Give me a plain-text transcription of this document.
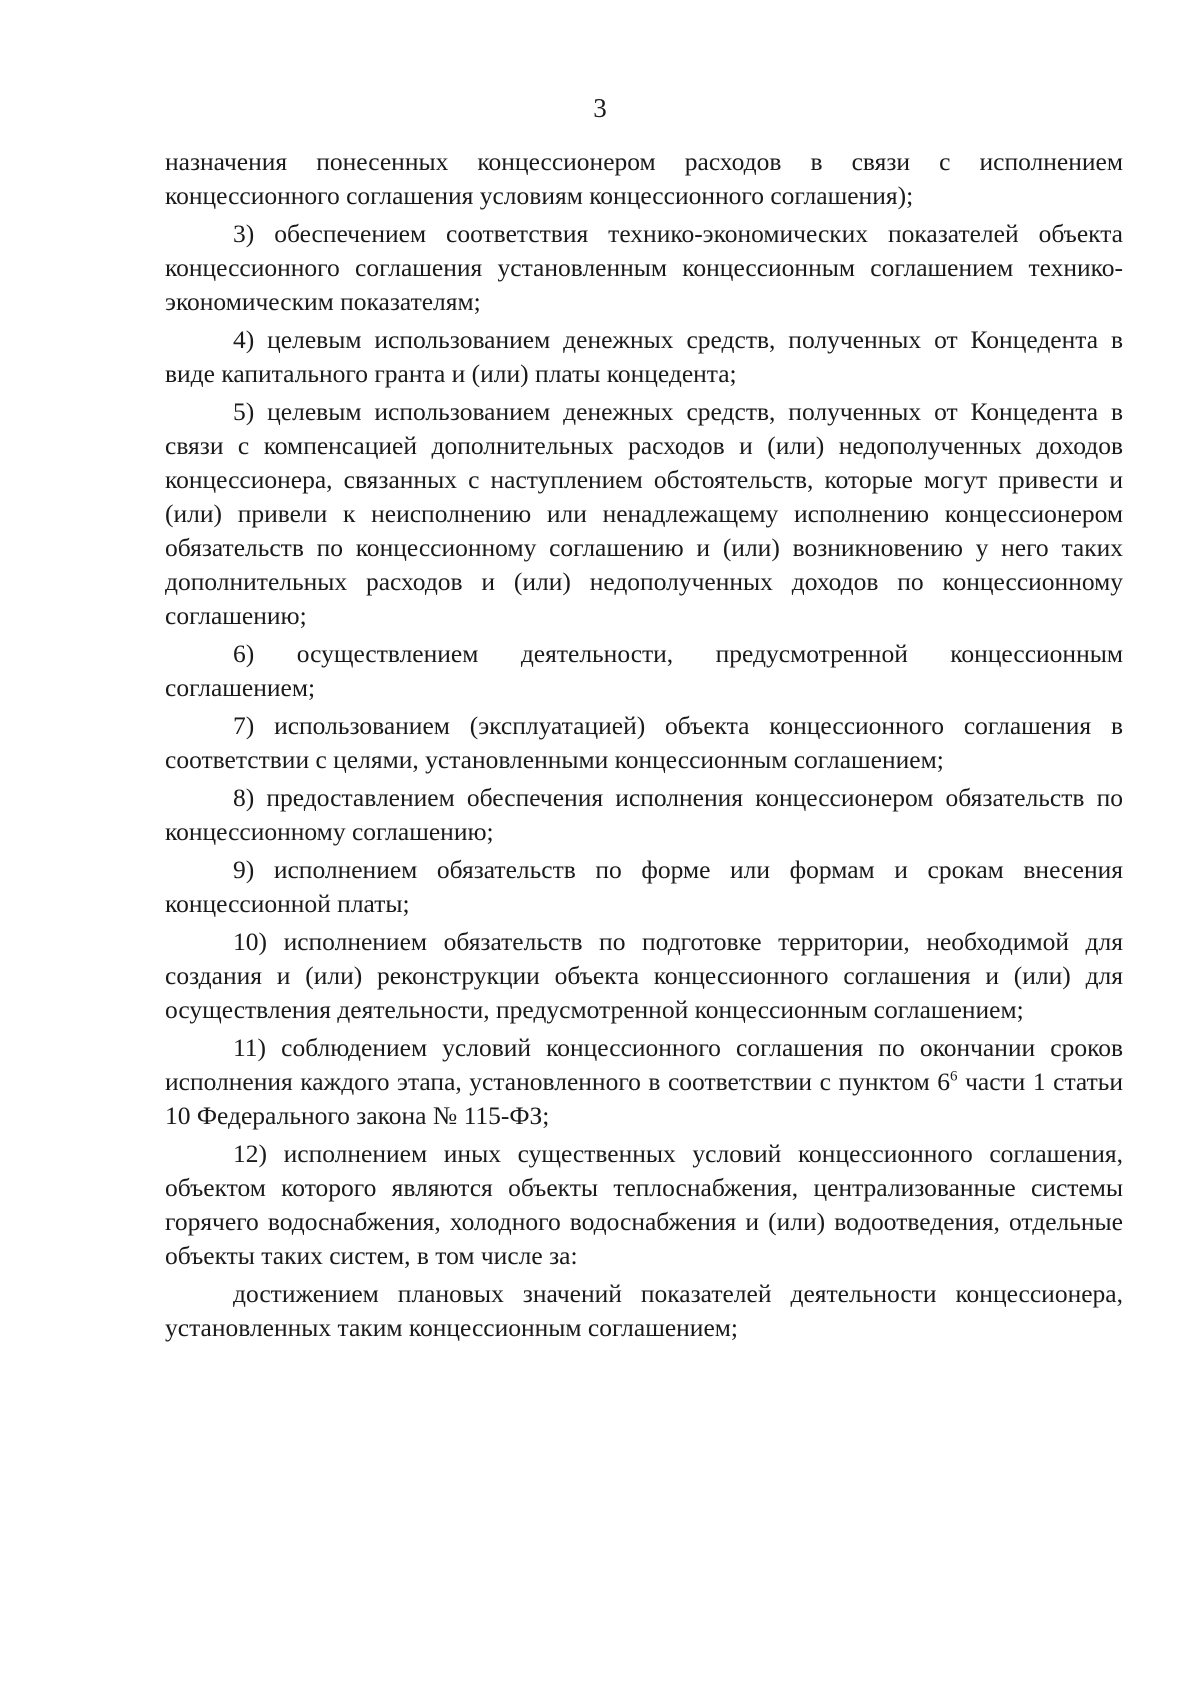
3

назначения понесенных концессионером расходов в связи с исполнением концессионного соглашения условиям концессионного соглашения);

3) обеспечением соответствия технико-экономических показателей объекта концессионного соглашения установленным концессионным соглашением технико-экономическим показателям;

4) целевым использованием денежных средств, полученных от Концедента в виде капитального гранта и (или) платы концедента;

5) целевым использованием денежных средств, полученных от Концедента в связи с компенсацией дополнительных расходов и (или) недополученных доходов концессионера, связанных с наступлением обстоятельств, которые могут привести и (или) привели к неисполнению или ненадлежащему исполнению концессионером обязательств по концессионному соглашению и (или) возникновению у него таких дополнительных расходов и (или) недополученных доходов по концессионному соглашению;

6) осуществлением деятельности, предусмотренной концессионным соглашением;

7) использованием (эксплуатацией) объекта концессионного соглашения в соответствии с целями, установленными концессионным соглашением;

8) предоставлением обеспечения исполнения концессионером обязательств по концессионному соглашению;

9) исполнением обязательств по форме или формам и срокам внесения концессионной платы;

10) исполнением обязательств по подготовке территории, необходимой для создания и (или) реконструкции объекта концессионного соглашения и (или) для осуществления деятельности, предусмотренной концессионным соглашением;

11) соблюдением условий концессионного соглашения по окончании сроков исполнения каждого этапа, установленного в соответствии с пунктом $6^6$ части 1 статьи 10 Федерального закона № 115-ФЗ;

12) исполнением иных существенных условий концессионного соглашения, объектом которого являются объекты теплоснабжения, централизованные системы горячего водоснабжения, холодного водоснабжения и (или) водоотведения, отдельные объекты таких систем, в том числе за:

достижением плановых значений показателей деятельности концессионера, установленных таким концессионным соглашением;
